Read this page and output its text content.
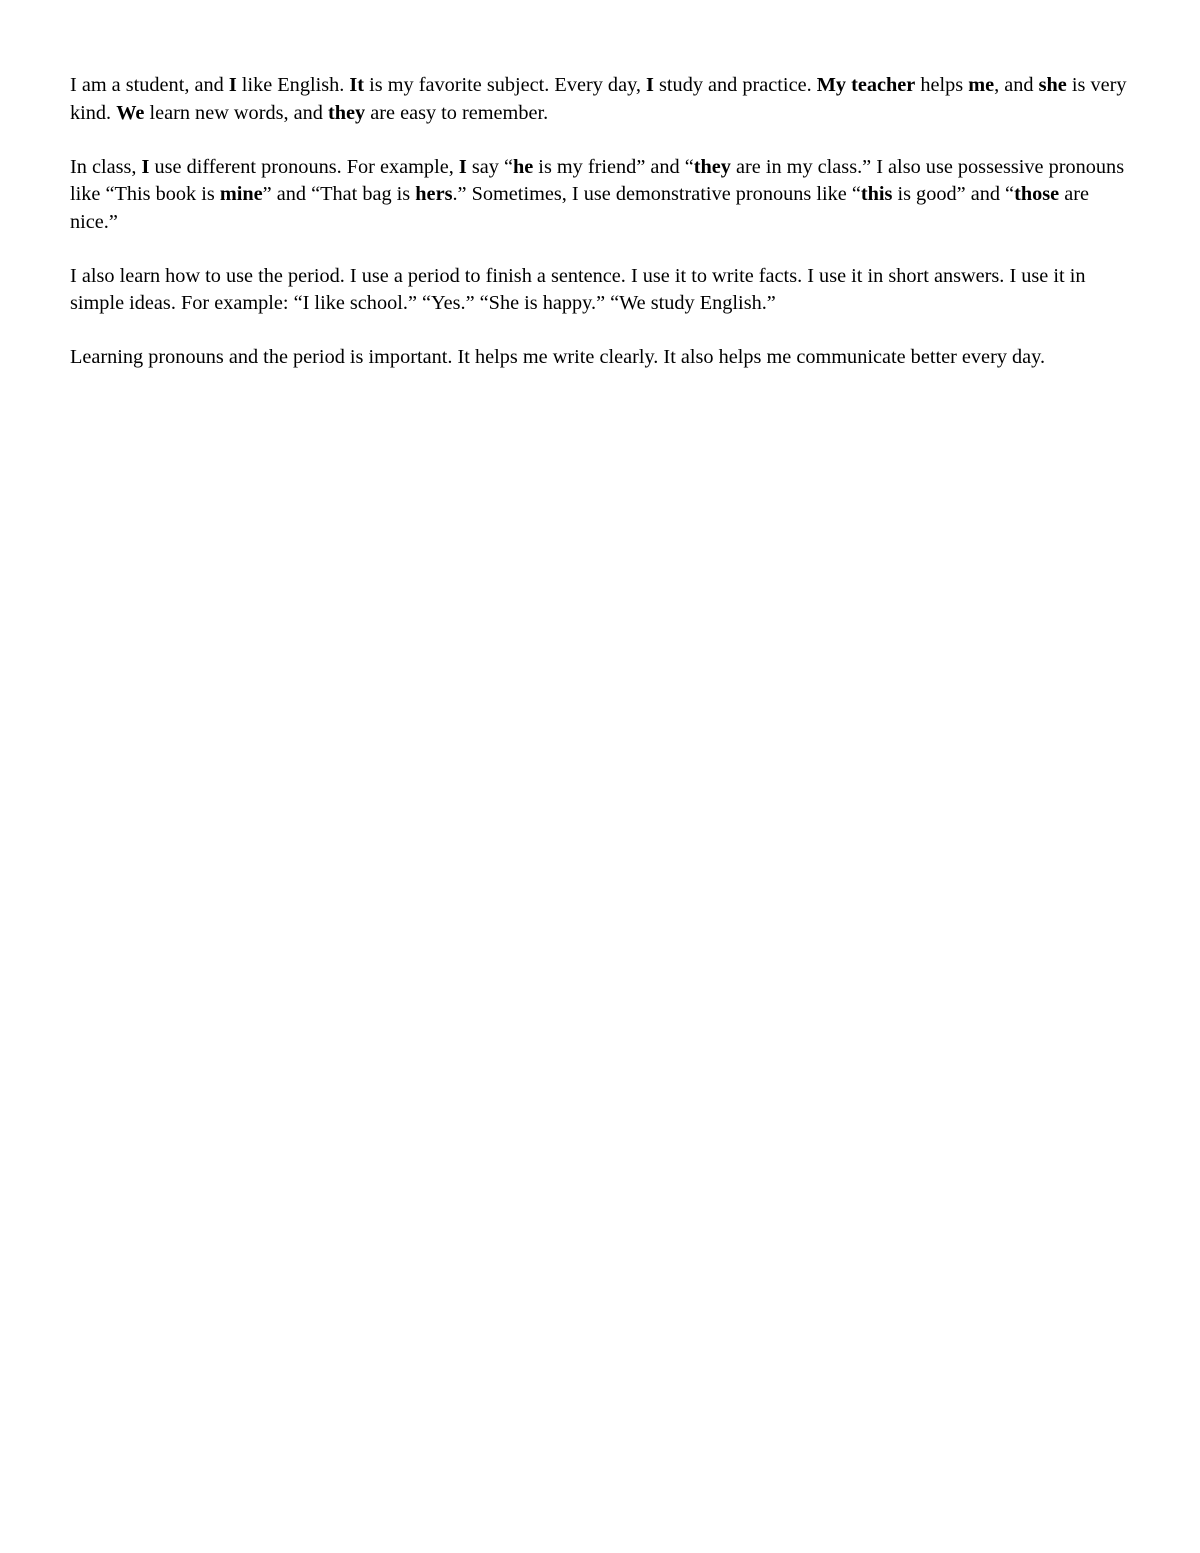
I am a student, and I like English. It is my favorite subject. Every day, I study and practice. My teacher helps me, and she is very kind. We learn new words, and they are easy to remember.

In class, I use different pronouns. For example, I say “he is my friend” and “they are in my class.” I also use possessive pronouns like “This book is mine” and “That bag is hers.” Sometimes, I use demonstrative pronouns like “this is good” and “those are nice.”

I also learn how to use the period. I use a period to finish a sentence. I use it to write facts. I use it in short answers. I use it in simple ideas. For example: “I like school.” “Yes.” “She is happy.” “We study English.”

Learning pronouns and the period is important. It helps me write clearly. It also helps me communicate better every day.
